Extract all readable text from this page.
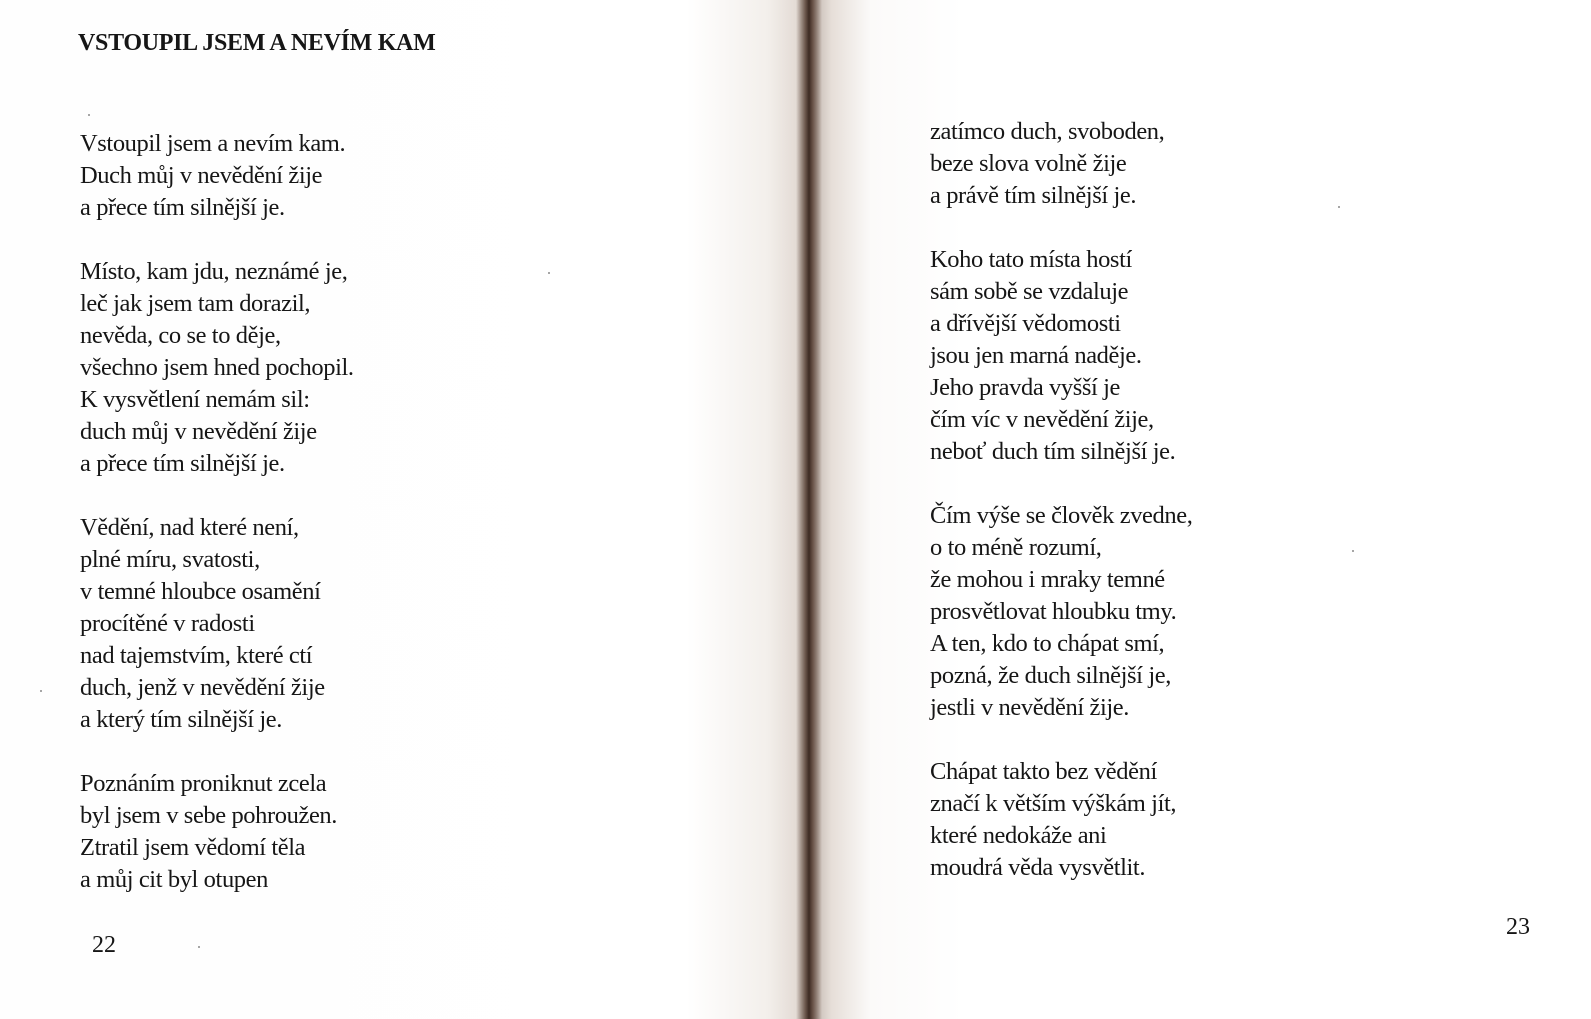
VSTOUPIL JSEM A NEVÍM KAM
Vstoupil jsem a nevím kam.
Duch můj v nevědění žije
a přece tím silnější je.
Místo, kam jdu, neznámé je,
leč jak jsem tam dorazil,
nevěda, co se to děje,
všechno jsem hned pochopil.
K vysvětlení nemám sil:
duch můj v nevědění žije
a přece tím silnější je.
Vědění, nad které není,
plné míru, svatosti,
v temné hloubce osamění
procítěné v radosti
nad tajemstvím, které ctí
duch, jenž v nevědění žije
a který tím silnější je.
Poznáním proniknut zcela
byl jsem v sebe pohroužen.
Ztratil jsem vědomí těla
a můj cit byl otupen
22
zatímco duch, svoboden,
beze slova volně žije
a právě tím silnější je.
Koho tato místa hostí
sám sobě se vzdaluje
a dřívější vědomosti
jsou jen marná naděje.
Jeho pravda vyšší je
čím víc v nevědění žije,
neboť duch tím silnější je.
Čím výše se člověk zvedne,
o to méně rozumí,
že mohou i mraky temné
prosvětlovat hloubku tmy.
A ten, kdo to chápat smí,
pozná, že duch silnější je,
jestli v nevědění žije.
Chápat takto bez vědění
značí k větším výškám jít,
které nedokáže ani
moudrá věda vysvětlit.
23
